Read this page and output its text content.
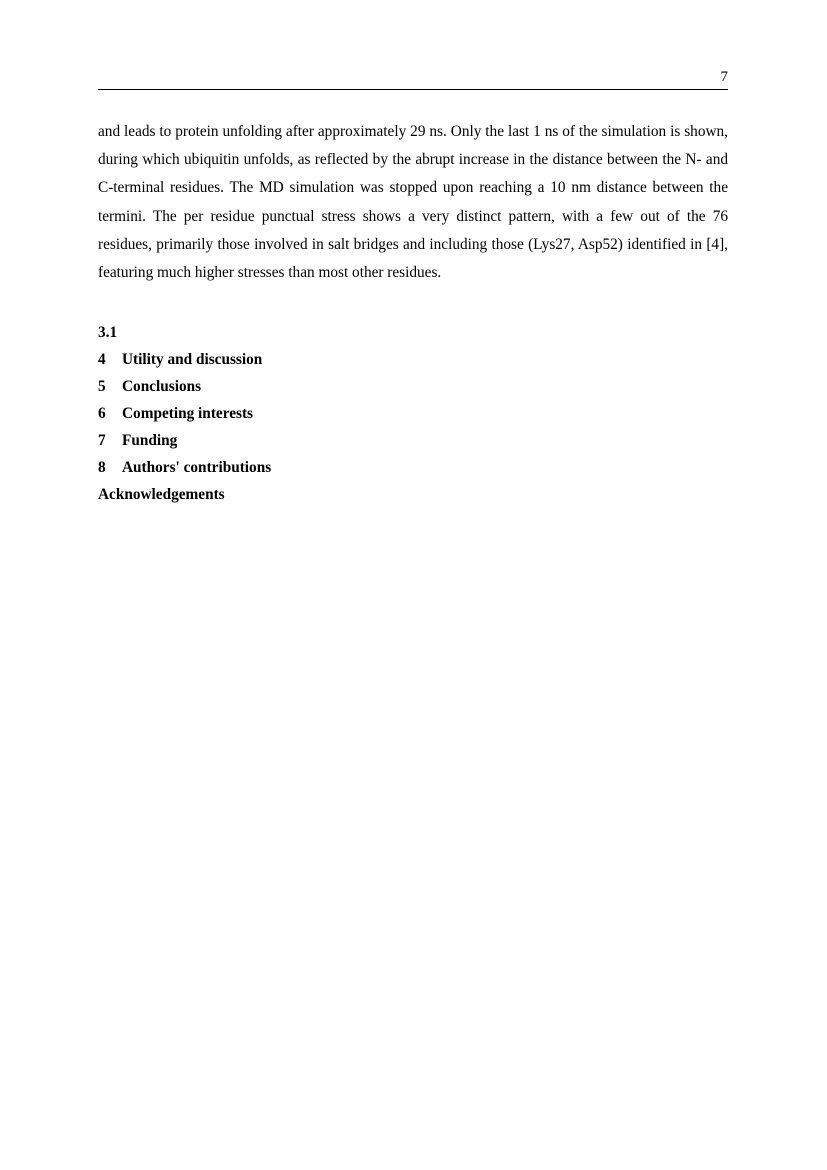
7

and leads to protein unfolding after approximately 29 ns. Only the last 1 ns of the simulation is shown, during which ubiquitin unfolds, as reflected by the abrupt increase in the distance between the N- and C-terminal residues. The MD simulation was stopped upon reaching a 10 nm distance between the termini. The per residue punctual stress shows a very distinct pattern, with a few out of the 76 residues, primarily those involved in salt bridges and including those (Lys27, Asp52) identified in [4], featuring much higher stresses than most other residues.

3.1
4	Utility and discussion
5	Conclusions
6	Competing interests
7	Funding
8	Authors' contributions
Acknowledgements
